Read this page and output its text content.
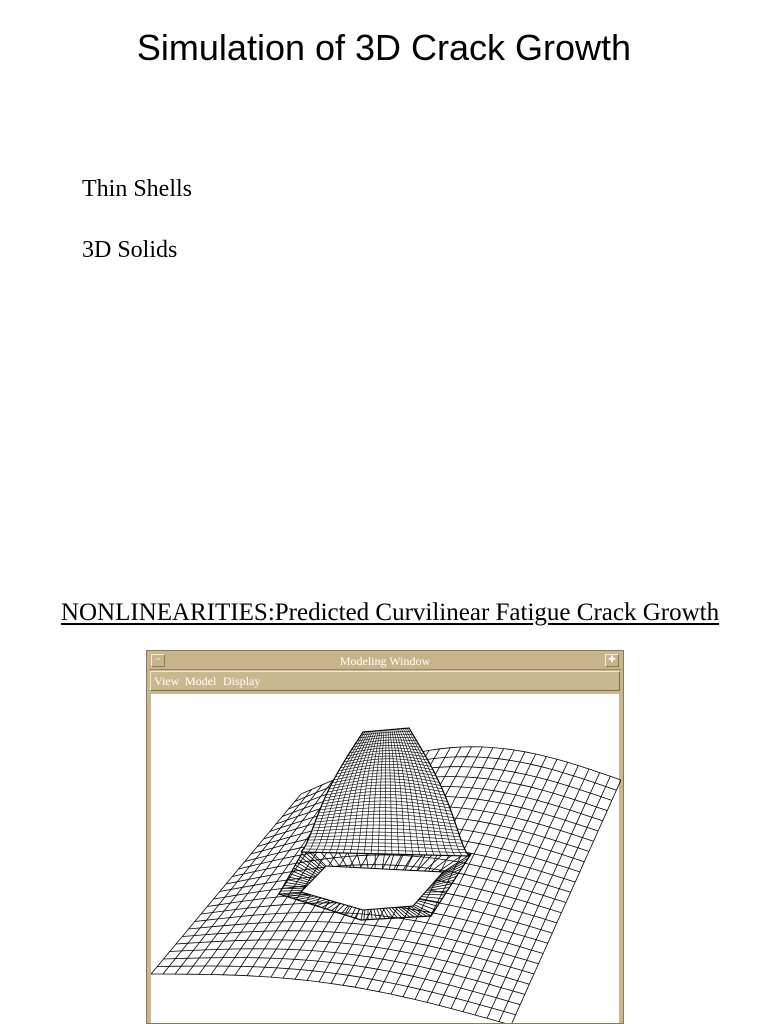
Simulation of 3D Crack Growth
Thin Shells
3D Solids
NONLINEARITIES:Predicted Curvilinear Fatigue Crack Growth
┄	Modeling Window	✚
View Model Display
